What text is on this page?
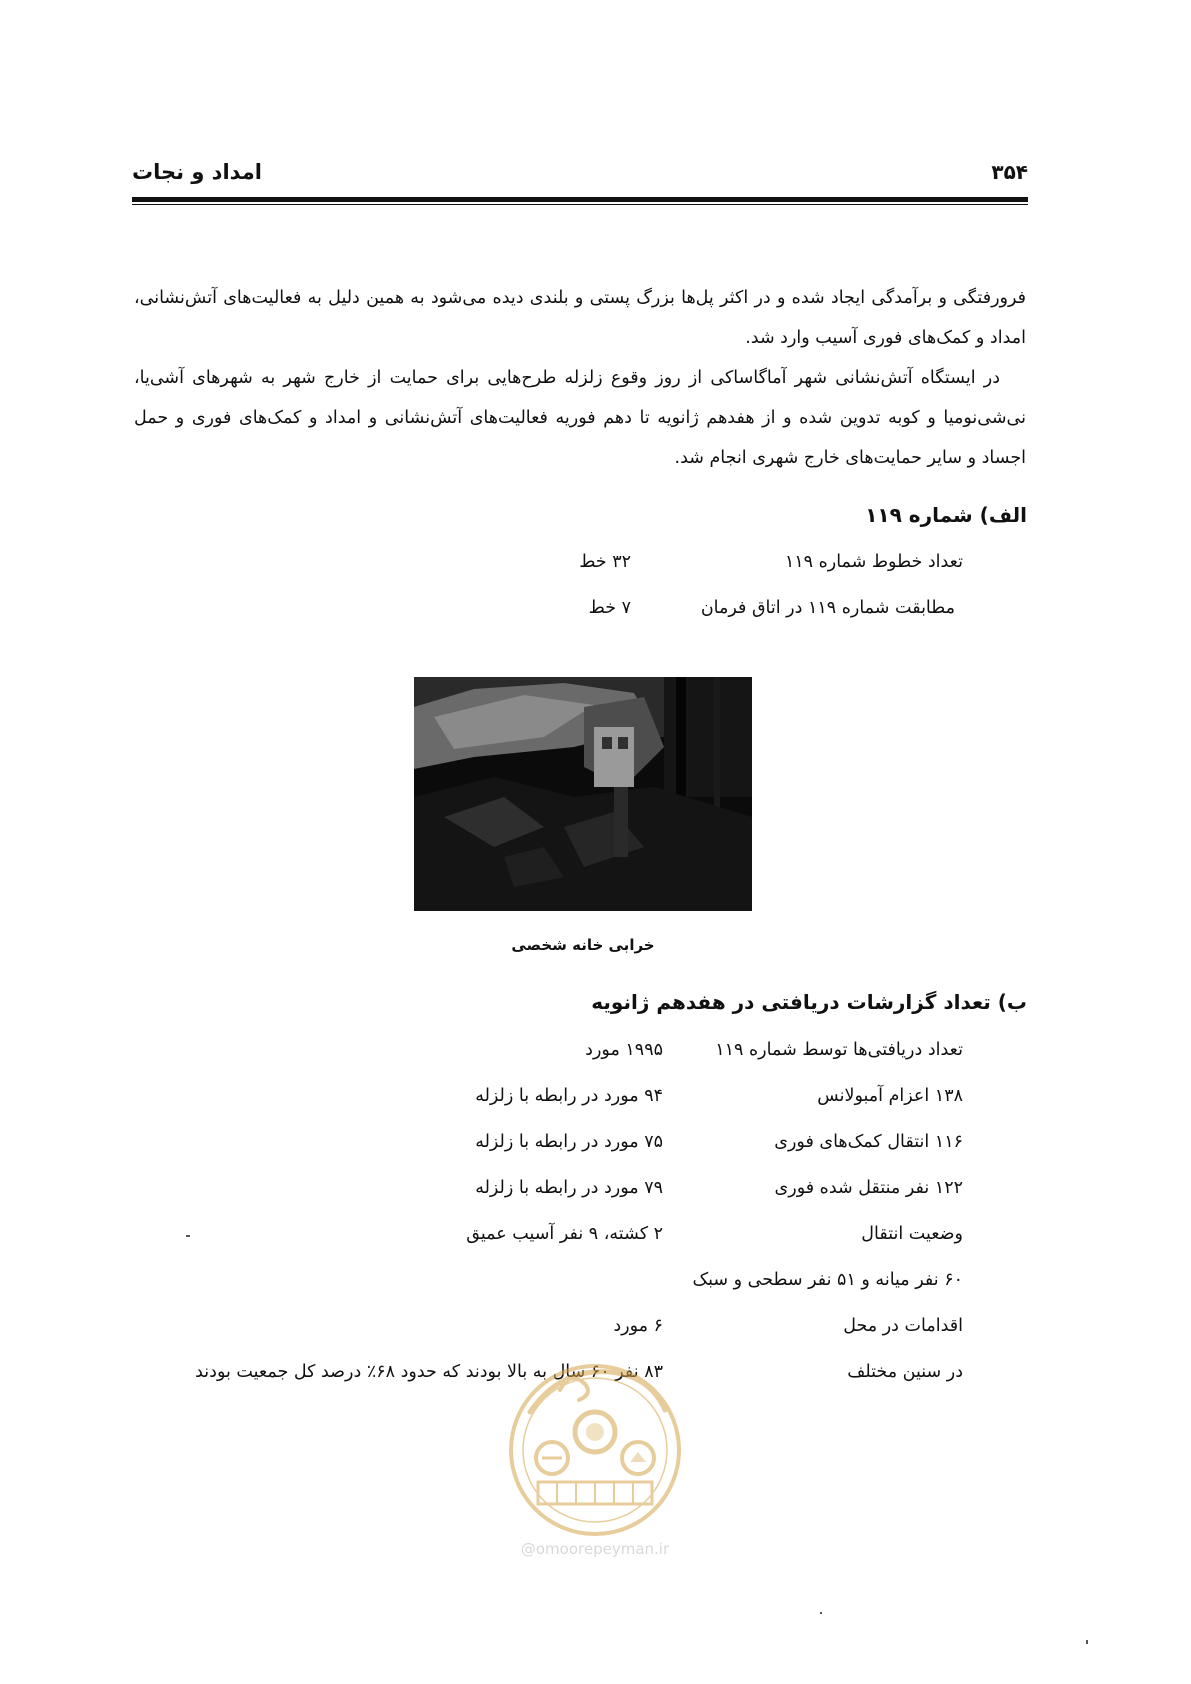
۳۵۴
امداد و نجات

فرورفتگی و برآمدگی ایجاد شده و در اکثر پل‌ها بزرگ پستی و بلندی دیده می‌شود به همین دلیل به فعالیت‌های آتش‌نشانی، امداد و کمک‌های فوری آسیب وارد شد.

در ایستگاه آتش‌نشانی شهر آماگاساکی از روز وقوع زلزله طرح‌هایی برای حمایت از خارج شهر به شهرهای آشی‌یا، نی‌شی‌نومیا و کوبه تدوین شده و از هفدهم ژانویه تا دهم فوریه فعالیت‌های آتش‌نشانی و امداد و کمک‌های فوری و حمل اجساد و سایر حمایت‌های خارج شهری انجام شد.

الف) شماره ۱۱۹
تعداد خطوط شماره ۱۱۹
۳۲ خط
مطابقت شماره ۱۱۹ در اتاق فرمان
۷ خط
خرابی خانه شخصی
ب) تعداد گزارشات دریافتی در هفدهم ژانویه
تعداد دریافتی‌ها توسط شماره ۱۱۹
۱۹۹۵ مورد
۱۳۸ اعزام آمبولانس
۹۴ مورد در رابطه با زلزله
۱۱۶ انتقال کمک‌های فوری
۷۵ مورد در رابطه با زلزله
۱۲۲ نفر منتقل شده فوری
۷۹ مورد در رابطه با زلزله
وضعیت انتقال
۲ کشته، ۹ نفر آسیب عمیق
۶۰ نفر میانه و ۵۱ نفر سطحی و سبک
اقدامات در محل
۶ مورد
در سنین مختلف
۸۳ نفر ۶۰ سال به بالا بودند که حدود ۶۸٪ درصد کل جمعیت بودند
@omoorepeyman.ir
